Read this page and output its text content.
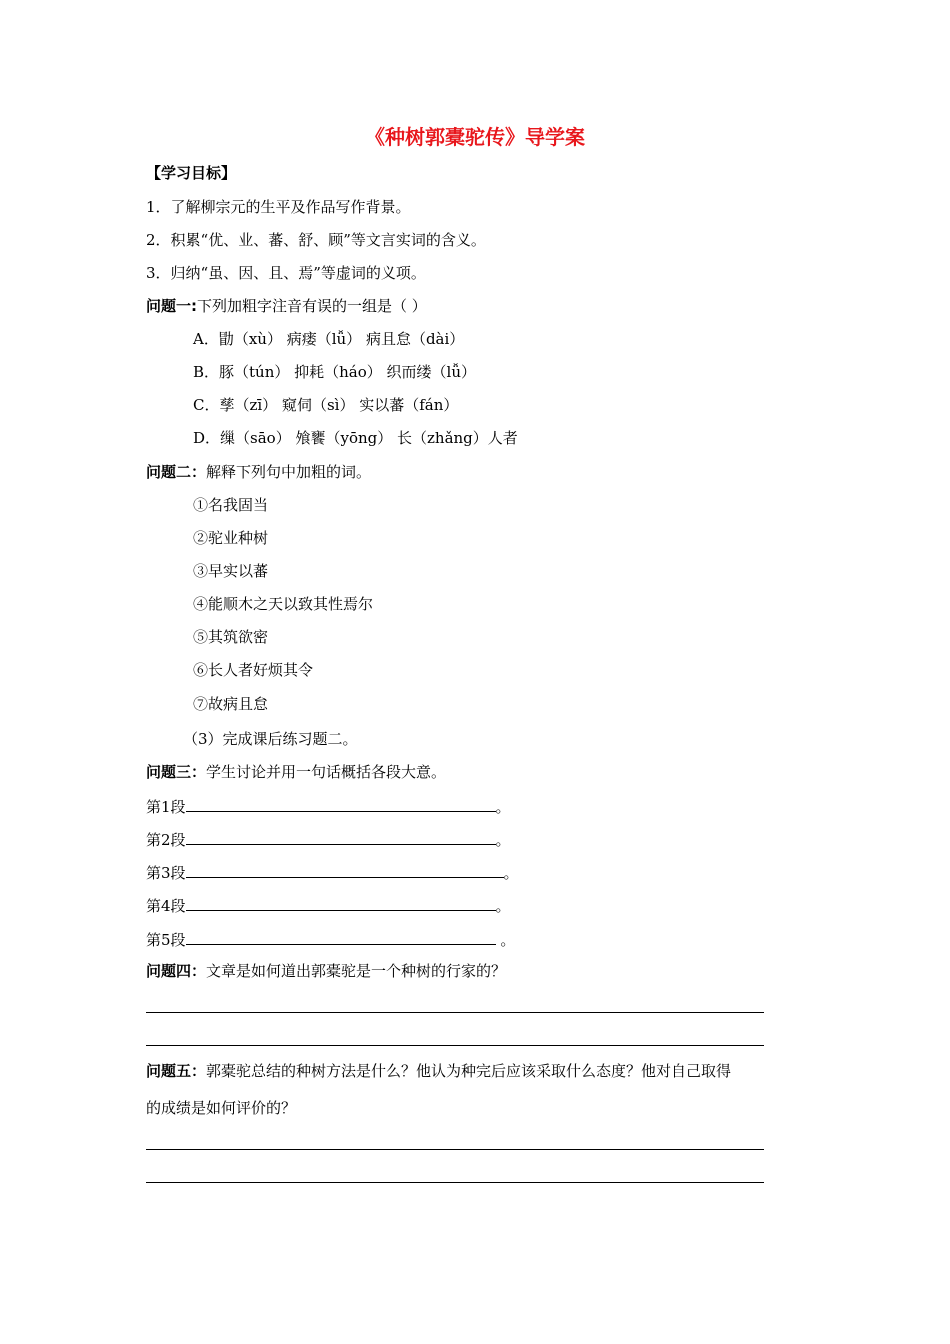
《种树郭橐驼传》导学案
【学习目标】
1．了解柳宗元的生平及作品写作背景。
2．积累“优、业、蕃、舒、顾”等文言实词的含义。
3．归纳“虽、因、且、焉”等虚词的义项。
问题一:下列加粗字注音有误的一组是（ ）
A．勖（xù） 病瘘（lǚ） 病且怠（dài）
B．豚（tún） 抑耗（háo） 织而缕（lǚ）
C．孳（zī） 窥伺（sì） 实以蕃（fán）
D．缫（sāo） 飧饔（yōng） 长（zhǎng）人者
问题二：解释下列句中加粗的词。
①名我固当
②驼业种树
③早实以蕃
④能顺木之天以致其性焉尔
⑤其筑欲密
⑥长人者好烦其令
⑦故病且怠
（3）完成课后练习题二。
问题三：学生讨论并用一句话概括各段大意。
第1段	。
第2段	。
第3段	。
第4段	。
第5段	。
问题四：文章是如何道出郭橐驼是一个种树的行家的？
问题五：郭橐驼总结的种树方法是什么？他认为种完后应该采取什么态度？他对自己取得
的成绩是如何评价的？
